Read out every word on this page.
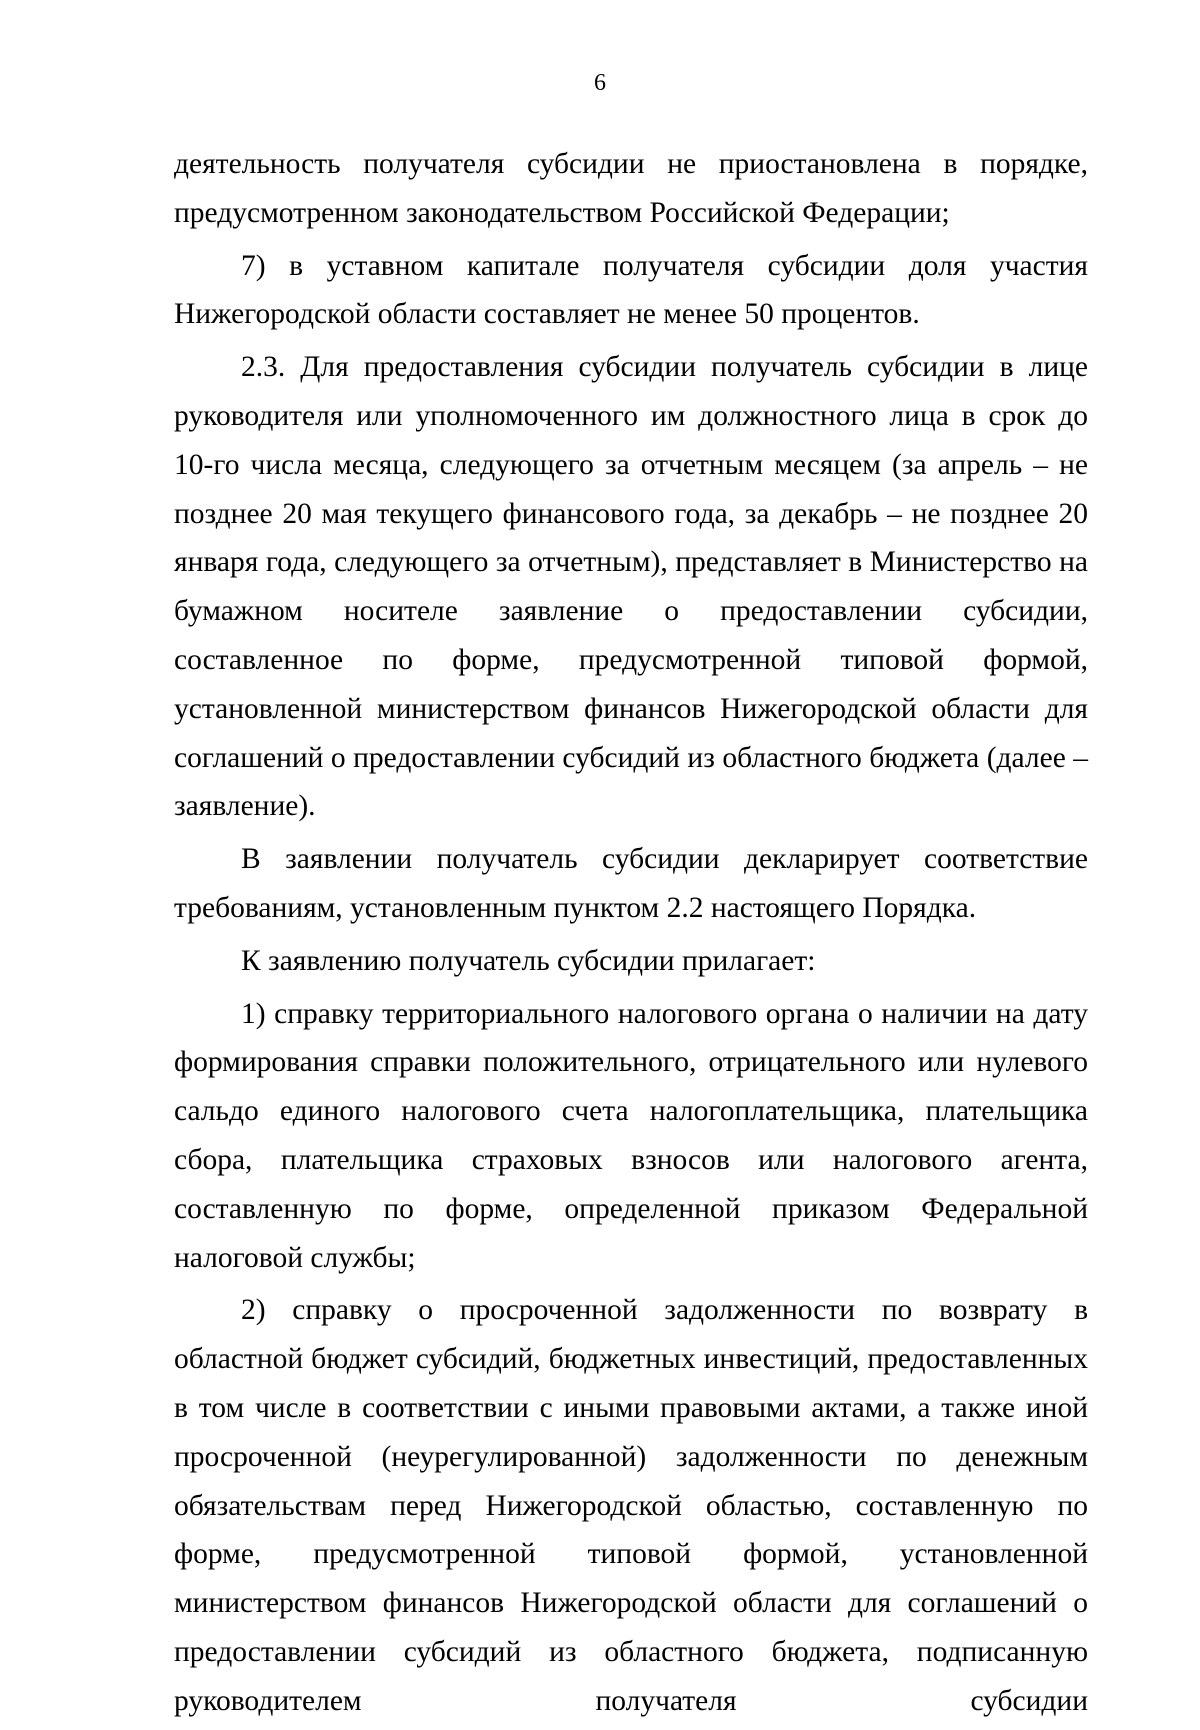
6

деятельность получателя субсидии не приостановлена в порядке, предусмотренном законодательством Российской Федерации;

7) в уставном капитале получателя субсидии доля участия Нижегородской области составляет не менее 50 процентов.

2.3. Для предоставления субсидии получатель субсидии в лице руководителя или уполномоченного им должностного лица в срок до 10-го числа месяца, следующего за отчетным месяцем (за апрель – не позднее 20 мая текущего финансового года, за декабрь – не позднее 20 января года, следующего за отчетным), представляет в Министерство на бумажном носителе заявление о предоставлении субсидии, составленное по форме, предусмотренной типовой формой, установленной министерством финансов Нижегородской области для соглашений о предоставлении субсидий из областного бюджета (далее – заявление).

В заявлении получатель субсидии декларирует соответствие требованиям, установленным пунктом 2.2 настоящего Порядка.

К заявлению получатель субсидии прилагает:

1) справку территориального налогового органа о наличии на дату формирования справки положительного, отрицательного или нулевого сальдо единого налогового счета налогоплательщика, плательщика сбора, плательщика страховых взносов или налогового агента, составленную по форме, определенной приказом Федеральной налоговой службы;

2) справку о просроченной задолженности по возврату в областной бюджет субсидий, бюджетных инвестиций, предоставленных в том числе в соответствии с иными правовыми актами, а также иной просроченной (неурегулированной) задолженности по денежным обязательствам перед Нижегородской областью, составленную по форме, предусмотренной типовой формой, установленной министерством финансов Нижегородской области для соглашений о предоставлении субсидий из областного бюджета, подписанную руководителем получателя субсидии
